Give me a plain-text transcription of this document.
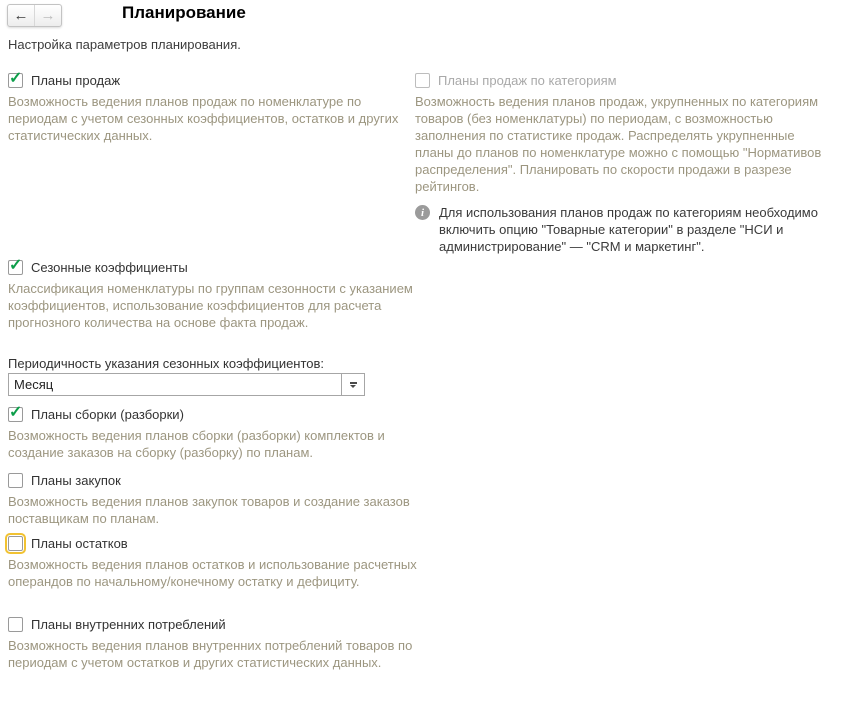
← →	Планирование
Настройка параметров планирования.
✓ Планы продаж
Возможность ведения планов продаж по номенклатуре по периодам с учетом сезонных коэффициентов, остатков и других статистических данных.
Планы продаж по категориям
Возможность ведения планов продаж, укрупненных по категориям товаров (без номенклатуры) по периодам, с возможностью заполнения по статистике продаж. Распределять укрупненные планы до планов по номенклатуре можно с помощью "Нормативов распределения". Планировать по скорости продажи в разрезе рейтингов.
i	Для использования планов продаж по категориям необходимо включить опцию "Товарные категории" в разделе "НСИ и администрирование" — "CRM и маркетинг".
✓ Сезонные коэффициенты
Классификация номенклатуры по группам сезонности с указанием коэффициентов, использование коэффициентов для расчета прогнозного количества на основе факта продаж.
Периодичность указания сезонных коэффициентов:
Месяц
✓ Планы сборки (разборки)
Возможность ведения планов сборки (разборки) комплектов и создание заказов на сборку (разборку) по планам.
Планы закупок
Возможность ведения планов закупок товаров и создание заказов поставщикам по планам.
Планы остатков
Возможность ведения планов остатков и использование расчетных операндов по начальному/конечному остатку и дефициту.
Планы внутренних потреблений
Возможность ведения планов внутренних потреблений товаров по периодам с учетом остатков и других статистических данных.
